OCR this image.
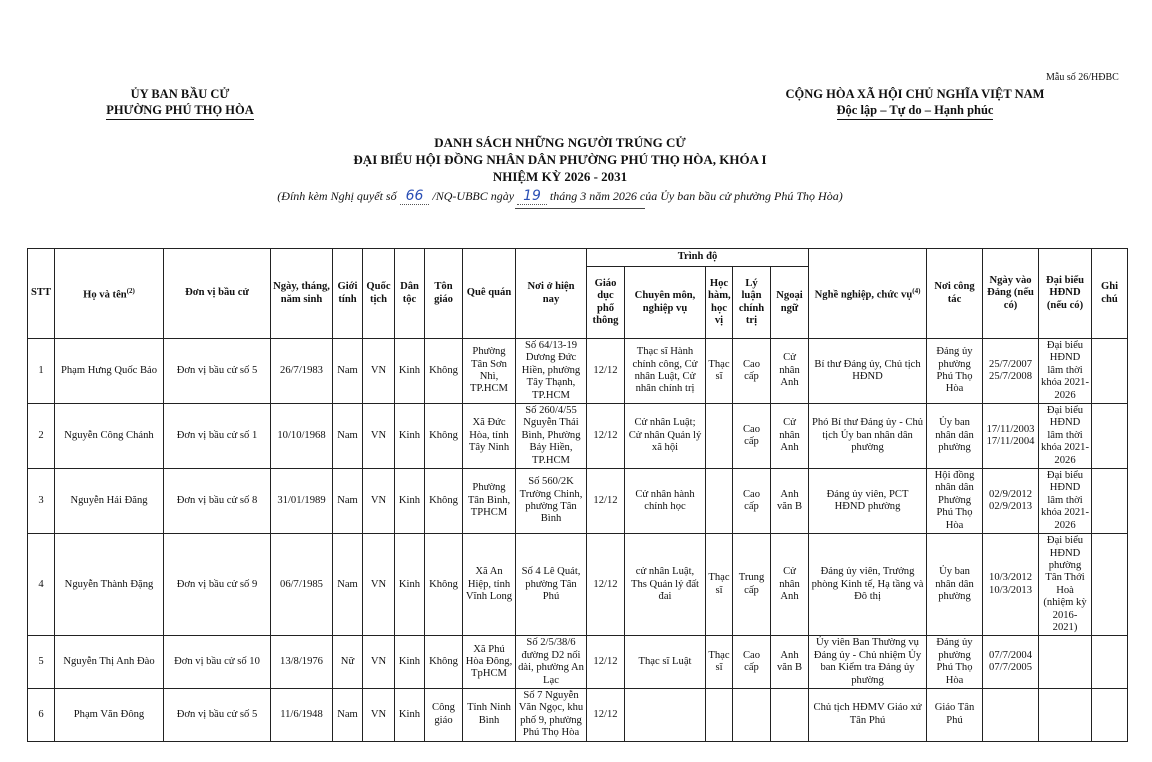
ỦY BAN BẦU CỬ
PHƯỜNG PHÚ THỌ HÒA
Mẫu số 26/HĐBC
CỘNG HÒA XÃ HỘI CHỦ NGHĨA VIỆT NAM
Độc lập – Tự do – Hạnh phúc
DANH SÁCH NHỮNG NGƯỜI TRÚNG CỬ
ĐẠI BIỂU HỘI ĐỒNG NHÂN DÂN PHƯỜNG PHÚ THỌ HÒA, KHÓA I
NHIỆM KỲ 2026 - 2031
(Đính kèm Nghị quyết số 66 /NQ-UBBC ngày 19 tháng 3 năm 2026 của Ủy ban bầu cử phường Phú Thọ Hòa)
STT	Họ và tên$^{(2)}$	Đơn vị bầu cử	Ngày, tháng, năm sinh	Giới tính	Quốc tịch	Dân tộc	Tôn giáo	Quê quán	Nơi ở hiện nay	Trình độ					Nghề nghiệp, chức vụ$^{(4)}$	Nơi công tác	Ngày vào Đảng (nếu có)	Đại biểu HĐND (nếu có)	Ghi chú
										Giáo dục phổ thông	Chuyên môn, nghiệp vụ	Học hàm, học vị	Lý luận chính trị	Ngoại ngữ					
1	Phạm Hưng Quốc Bảo	Đơn vị bầu cử số 5	26/7/1983	Nam	VN	Kinh	Không	Phường Tân Sơn Nhì, TP.HCM	Số 64/13-19 Dương Đức Hiền, phường Tây Thạnh, TP.HCM	12/12	Thạc sĩ Hành chính công, Cử nhân Luật, Cử nhân chính trị	Thạc sĩ	Cao cấp	Cử nhân Anh	Bí thư Đảng ủy, Chủ tịch HĐND	Đảng ủy phường Phú Thọ Hòa	25/7/2007 25/7/2008	Đại biểu HĐND lâm thời khóa 2021-2026	
2	Nguyễn Công Chánh	Đơn vị bầu cử số 1	10/10/1968	Nam	VN	Kinh	Không	Xã Đức Hòa, tỉnh Tây Ninh	Số 260/4/55 Nguyễn Thái Bình, Phường Bảy Hiền, TP.HCM	12/12	Cử nhân Luật; Cử nhân Quản lý xã hội		Cao cấp	Cử nhân Anh	Phó Bí thư Đảng ủy - Chủ tịch Ủy ban nhân dân phường	Ủy ban nhân dân phường	17/11/2003 17/11/2004	Đại biểu HĐND lâm thời khóa 2021-2026	
3	Nguyễn Hải Đăng	Đơn vị bầu cử số 8	31/01/1989	Nam	VN	Kinh	Không	Phường Tân Bình, TPHCM	Số 560/2K Trường Chinh, phường Tân Bình	12/12	Cử nhân hành chính học		Cao cấp	Anh văn B	Đảng ủy viên, PCT HĐND phường	Hội đồng nhân dân Phường Phú Thọ Hòa	02/9/2012 02/9/2013	Đại biểu HĐND lâm thời khóa 2021-2026	
4	Nguyễn Thành Đặng	Đơn vị bầu cử số 9	06/7/1985	Nam	VN	Kinh	Không	Xã An Hiệp, tỉnh Vĩnh Long	Số 4 Lê Quát, phường Tân Phú	12/12	cử nhân Luật, Ths Quản lý đất đai	Thạc sĩ	Trung cấp	Cử nhân Anh	Đảng ủy viên, Trưởng phòng Kinh tế, Hạ tầng và Đô thị	Ủy ban nhân dân phường	10/3/2012 10/3/2013	Đại biểu HĐND phường Tân Thới Hoà (nhiệm kỳ 2016-2021)	
5	Nguyễn Thị Anh Đào	Đơn vị bầu cử số 10	13/8/1976	Nữ	VN	Kinh	Không	Xã Phú Hòa Đông, TpHCM	Số 2/5/38/6 đường D2 nối dài, phường An Lạc	12/12	Thạc sĩ Luật	Thạc sĩ	Cao cấp	Anh văn B	Ủy viên Ban Thường vụ Đảng ủy - Chủ nhiệm Ủy ban Kiểm tra Đảng ủy phường	Đảng ủy phường Phú Thọ Hòa	07/7/2004 07/7/2005		
6	Phạm Văn Đông	Đơn vị bầu cử số 5	11/6/1948	Nam	VN	Kinh	Công giáo	Tỉnh Ninh Bình	Số 7 Nguyễn Văn Ngọc, khu phố 9, phường Phú Thọ Hòa	12/12					Chủ tịch HĐMV Giáo xứ Tân Phú	Giáo Tân Phú			
